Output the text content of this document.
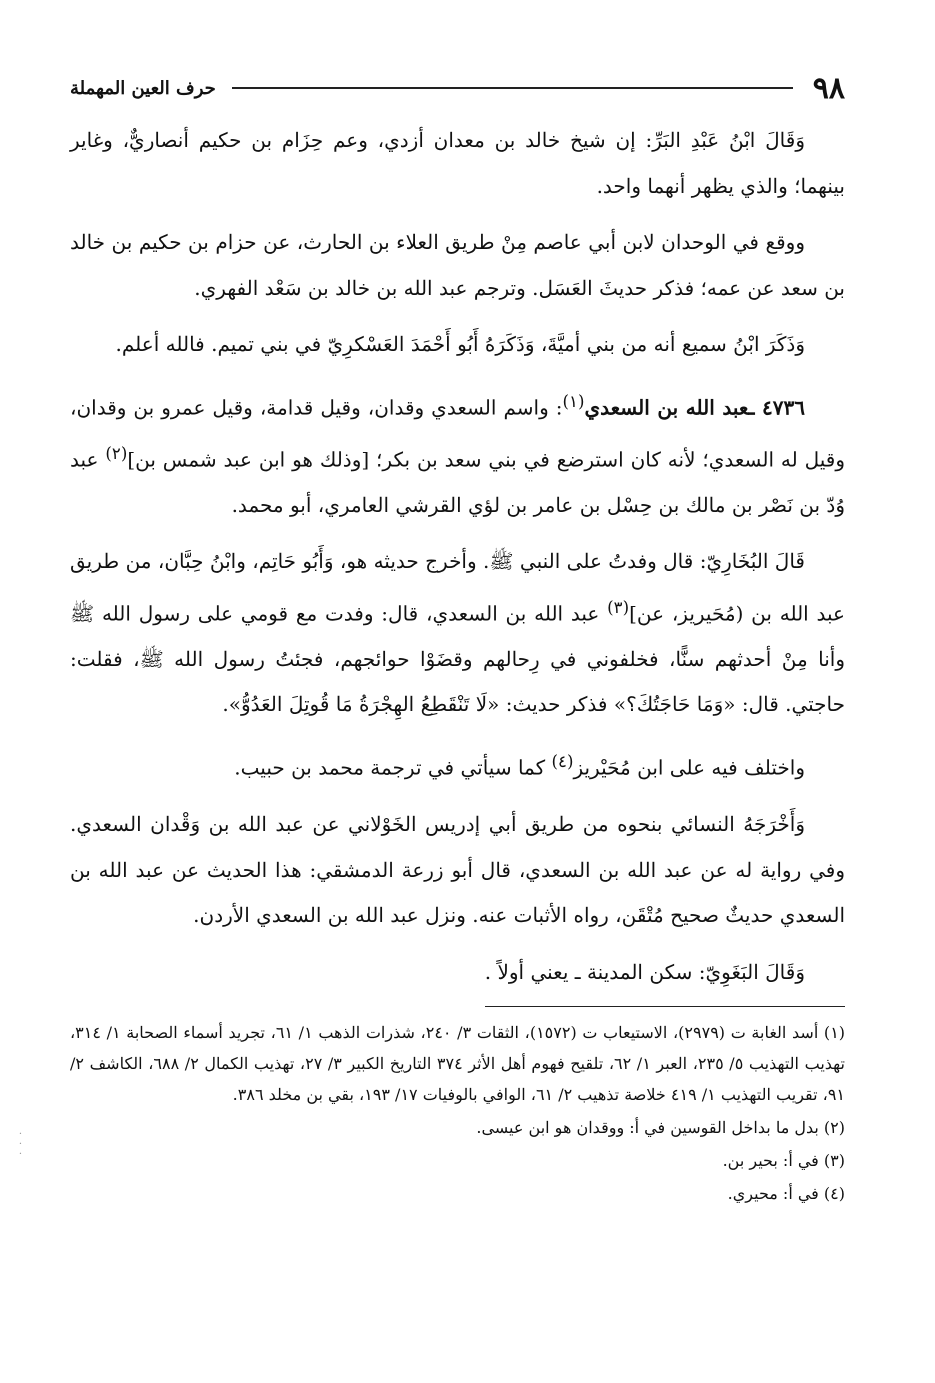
٩٨
حرف العين المهملة

وَقَالَ ابْنُ عَبْدِ البَرِّ: إن شيخ خالد بن معدان أزدي، وعم حِزَام بن حكيم أنصاريٌّ، وغاير بينهما؛ والذي يظهر أنهما واحد.

ووقع في الوحدان لابن أبي عاصم مِنْ طريق العلاء بن الحارث، عن حزام بن حكيم بن خالد بن سعد عن عمه؛ فذكر حديثَ العَسَل. وترجم عبد الله بن خالد بن سَعْد الفهري.

وَذَكَرَ ابْنُ سميع أنه من بني أميَّةَ، وَذَكَرَهُ أَبُو أَحْمَدَ العَسْكرِيّ في بني تميم. فالله أعلم.

٤٧٣٦ ـعبد الله بن السعدي$^{(١)}$: واسم السعدي وقدان، وقيل قدامة، وقيل عمرو بن وقدان، وقيل له السعدي؛ لأنه كان استرضع في بني سعد بن بكر؛ [وذلك هو ابن عبد شمس بن]$^{(٢)}$ عبد وُدّ بن نَصْر بن مالك بن حِسْل بن عامر بن لؤي القرشي العامري، أبو محمد.

قَالَ البُخَارِيّ: قال وفدتُ على النبي ﷺ. وأخرج حديثه هو، وَأَبُو حَاتِم، وابْنُ حِبَّان، من طريق عبد الله بن (مُحَيريز، عن]$^{(٣)}$ عبد الله بن السعدي، قال: وفدت مع قومي على رسول الله ﷺ وأنا مِنْ أحدثهم سنًّا، فخلفوني في رِحالهم وقضَوْا حوائجهم، فجئتُ رسول الله ﷺ، فقلت: حاجتي. قال: «وَمَا حَاجَتُكَ؟» فذكر حديث: «لَا تَنْقَطِعُ الهِجْرَةُ مَا قُوتِلَ العَدُوُّ».

واختلف فيه على ابن مُحَيْريز$^{(٤)}$ كما سيأتي في ترجمة محمد بن حبيب.

وَأَخْرَجَهُ النسائي بنحوه من طريق أبي إدريس الخَوْلاني عن عبد الله بن وَقْدان السعدي. وفي رواية له عن عبد الله بن السعدي، قال أبو زرعة الدمشقي: هذا الحديث عن عبد الله بن السعدي حديثٌ صحيح مُتْقَن، رواه الأثبات عنه. ونزل عبد الله بن السعدي الأردن.

وَقَالَ البَغَوِيّ: سكن المدينة ـ يعني أولاً .

(١) أسد الغابة ت (٢٩٧٩)، الاستيعاب ت (١٥٧٢)، الثقات ٣/ ٢٤٠، شذرات الذهب ١/ ٦١، تجريد أسماء الصحابة ١/ ٣١٤، تهذيب التهذيب ٥/ ٢٣٥، العبر ١/ ٦٢، تلقيح فهوم أهل الأثر ٣٧٤ التاريخ الكبير ٣/ ٢٧، تهذيب الكمال ٢/ ٦٨٨، الكاشف ٢/ ٩١، تقريب التهذيب ١/ ٤١٩ خلاصة تذهيب ٢/ ٦١، الوافي بالوفيات ١٧/ ١٩٣، بقي بن مخلد ٣٨٦.

(٢) بدل ما بداخل القوسين في أ: ووقدان هو ابن عيسى.

(٣) في أ: بحير بن.

(٤) في أ: محيري.

·
·
·
